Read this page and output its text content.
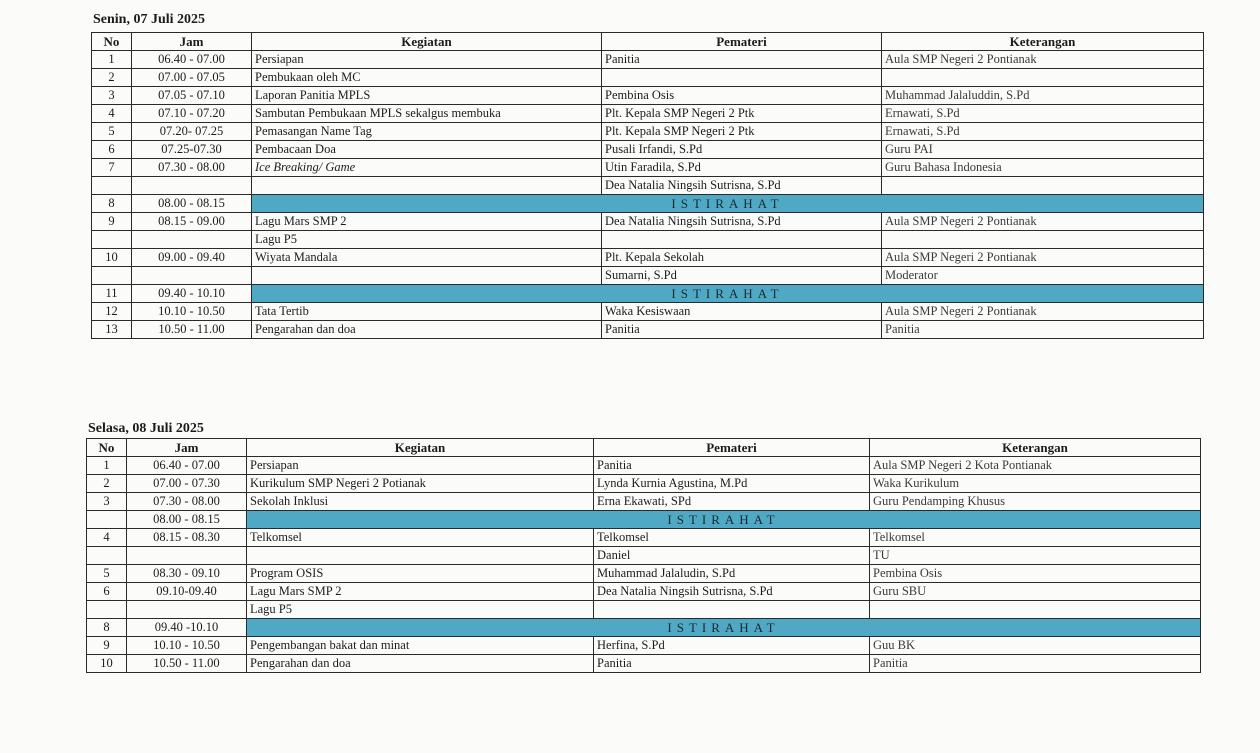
Senin, 07 Juli 2025
No	Jam	Kegiatan	Pemateri	Keterangan
1	06.40 - 07.00	Persiapan	Panitia	Aula SMP Negeri 2 Pontianak
2	07.00 - 07.05	Pembukaan oleh MC		
3	07.05 - 07.10	Laporan Panitia MPLS	Pembina Osis	Muhammad Jalaluddin, S.Pd
4	07.10 - 07.20	Sambutan Pembukaan MPLS sekalgus membuka	Plt. Kepala SMP Negeri 2 Ptk	Ernawati, S.Pd
5	07.20- 07.25	Pemasangan Name Tag	Plt. Kepala SMP Negeri 2 Ptk	Ernawati, S.Pd
6	07.25-07.30	Pembacaan Doa	Pusali Irfandi, S.Pd	Guru PAI
7	07.30 - 08.00	Ice Breaking/ Game	Utin Faradila, S.Pd	Guru Bahasa Indonesia
			Dea Natalia Ningsih Sutrisna, S.Pd	
8	08.00 - 08.15	ISTIRAHAT		
9	08.15 - 09.00	Lagu Mars SMP 2	Dea Natalia Ningsih Sutrisna, S.Pd	Aula SMP Negeri 2 Pontianak
		Lagu P5		
10	09.00 - 09.40	Wiyata Mandala	Plt. Kepala Sekolah	Aula SMP Negeri 2 Pontianak
			Sumarni, S.Pd	Moderator
11	09.40 - 10.10	ISTIRAHAT		
12	10.10 - 10.50	Tata Tertib	Waka Kesiswaan	Aula SMP Negeri 2 Pontianak
13	10.50 - 11.00	Pengarahan dan doa	Panitia	Panitia
Selasa, 08 Juli 2025
No	Jam	Kegiatan	Pemateri	Keterangan
1	06.40 - 07.00	Persiapan	Panitia	Aula SMP Negeri 2 Kota Pontianak
2	07.00 - 07.30	Kurikulum SMP Negeri 2 Potianak	Lynda Kurnia Agustina, M.Pd	Waka Kurikulum
3	07.30 - 08.00	Sekolah Inklusi	Erna Ekawati, SPd	Guru Pendamping Khusus
	08.00 - 08.15	ISTIRAHAT		
4	08.15 - 08.30	Telkomsel	Telkomsel	Telkomsel
			Daniel	TU
5	08.30 - 09.10	Program OSIS	Muhammad Jalaludin, S.Pd	Pembina Osis
6	09.10-09.40	Lagu Mars SMP 2	Dea Natalia Ningsih Sutrisna, S.Pd	Guru SBU
		Lagu P5		
8	09.40 -10.10	ISTIRAHAT		
9	10.10 - 10.50	Pengembangan bakat dan minat	Herfina, S.Pd	Guu BK
10	10.50 - 11.00	Pengarahan dan doa	Panitia	Panitia
